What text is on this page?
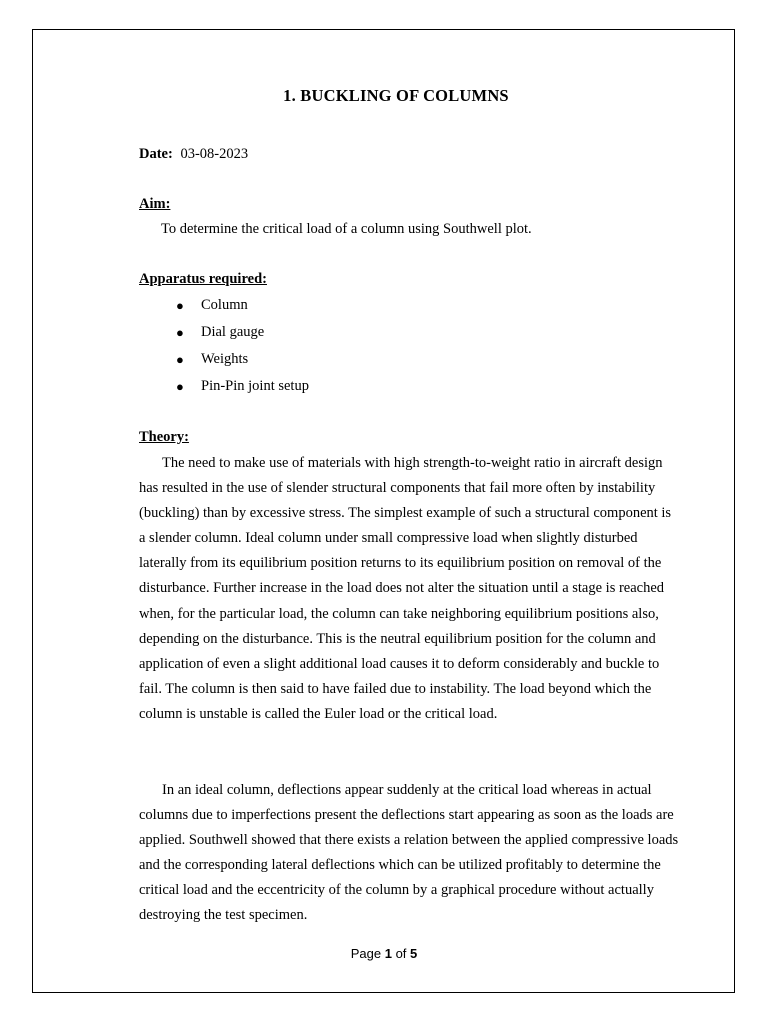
1. BUCKLING OF COLUMNS
Date: 03-08-2023
Aim:
To determine the critical load of a column using Southwell plot.
Apparatus required:
● Column
● Dial gauge
● Weights
● Pin-Pin joint setup
Theory:

The need to make use of materials with high strength-to-weight ratio in aircraft design has resulted in the use of slender structural components that fail more often by instability (buckling) than by excessive stress. The simplest example of such a structural component is a slender column. Ideal column under small compressive load when slightly disturbed laterally from its equilibrium position returns to its equilibrium position on removal of the disturbance. Further increase in the load does not alter the situation until a stage is reached when, for the particular load, the column can take neighboring equilibrium positions also, depending on the disturbance. This is the neutral equilibrium position for the column and application of even a slight additional load causes it to deform considerably and buckle to fail. The column is then said to have failed due to instability. The load beyond which the column is unstable is called the Euler load or the critical load.

In an ideal column, deflections appear suddenly at the critical load whereas in actual columns due to imperfections present the deflections start appearing as soon as the loads are applied. Southwell showed that there exists a relation between the applied compressive loads and the corresponding lateral deflections which can be utilized profitably to determine the critical load and the eccentricity of the column by a graphical procedure without actually destroying the test specimen.

Page 1 of 5
